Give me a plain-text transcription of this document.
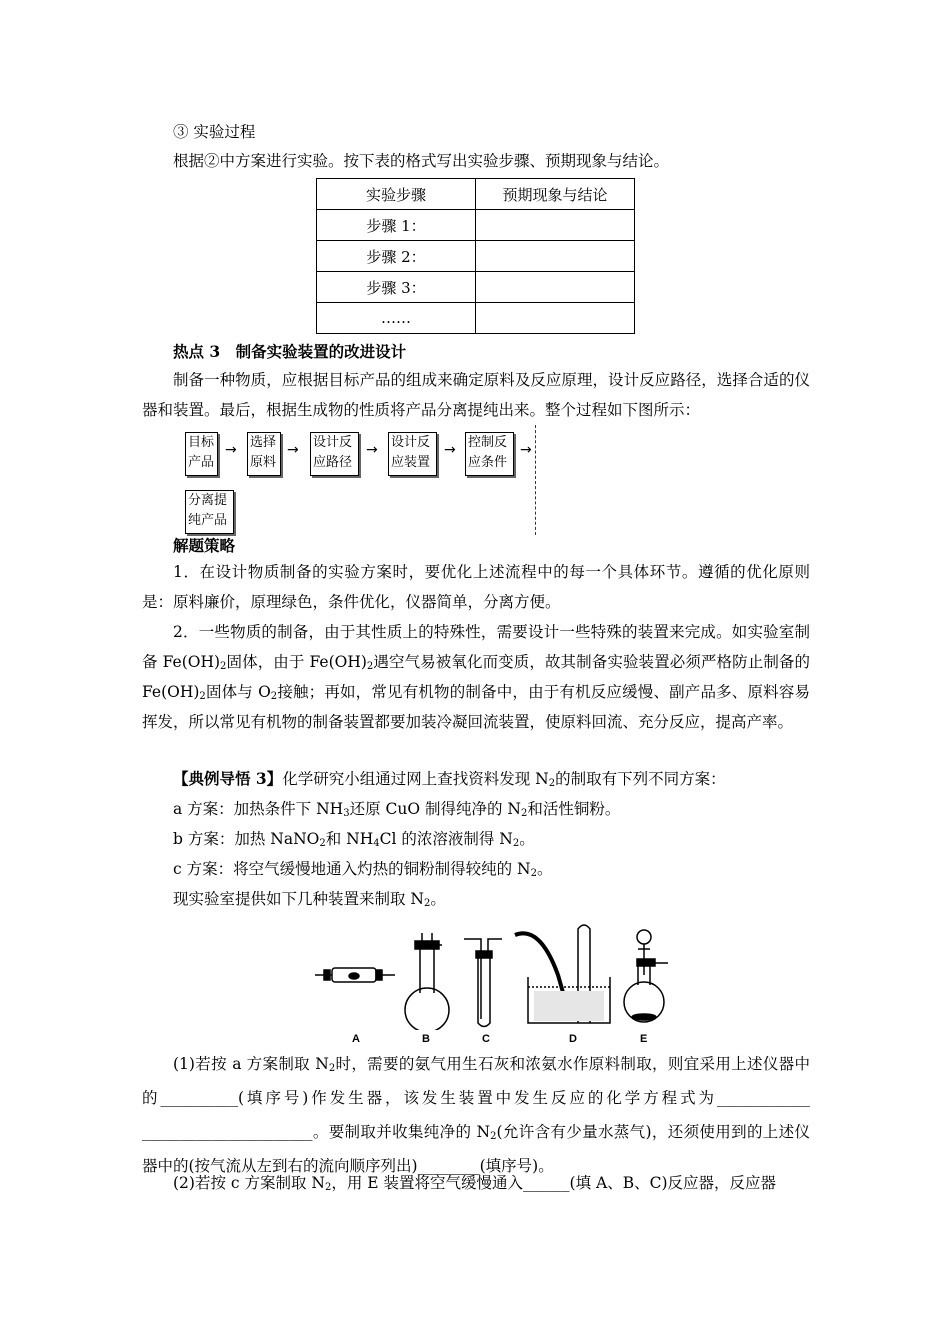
③ 实验过程
根据②中方案进行实验。按下表的格式写出实验步骤、预期现象与结论。
实验步骤	预期现象与结论
步骤 1：	
步骤 2：	
步骤 3：	
……	
热点 3　制备实验装置的改进设计
制备一种物质，应根据目标产品的组成来确定原料及反应原理，设计反应路径，选择合适的仪器和装置。最后，根据生成物的性质将产品分离提纯出来。整个过程如下图所示：
目标
产品
→ 选择
原料
→ 设计反
应路径
→ 设计反
应装置
→ 控制反
应条件
→
分离提
纯产品
解题策略
1．在设计物质制备的实验方案时，要优化上述流程中的每一个具体环节。遵循的优化原则是：原料廉价，原理绿色，条件优化，仪器简单，分离方便。
2．一些物质的制备，由于其性质上的特殊性，需要设计一些特殊的装置来完成。如实验室制备 $Fe(OH)_2$固体，由于 $Fe(OH)_2$遇空气易被氧化而变质，故其制备实验装置必须严格防止制备的 $Fe(OH)_2$固体与 $O_2$接触；再如，常见有机物的制备中，由于有机反应缓慢、副产品多、原料容易挥发，所以常见有机物的制备装置都要加装冷凝回流装置，使原料回流、充分反应，提高产率。
【典例导悟 3】化学研究小组通过网上查找资料发现 $N_2$的制取有下列不同方案：
a 方案：加热条件下 $NH_3$还原 CuO 制得纯净的 $N_2$和活性铜粉。
b 方案：加热 NaNO$_2$和 $NH_4Cl$ 的浓溶液制得 $N_2$。
c 方案：将空气缓慢地通入灼热的铜粉制得较纯的 $N_2$。
现实验室提供如下几种装置来制取 $N_2$。
A	B	C	D	E
(1)若按 a 方案制取 $N_2$时，需要的氨气用生石灰和浓氨水作原料制取，则宜采用上述仪器中的__________(填序号)作发生器，该发生装置中发生反应的化学方程式为____________ ______________________。要制取并收集纯净的 $N_2$(允许含有少量水蒸气)，还须使用到的上述仪器中的(按气流从左到右的流向顺序列出)________(填序号)。
(2)若按 c 方案制取 $N_2$，用 E 装置将空气缓慢通入______(填 A、B、C)反应器，反应器
